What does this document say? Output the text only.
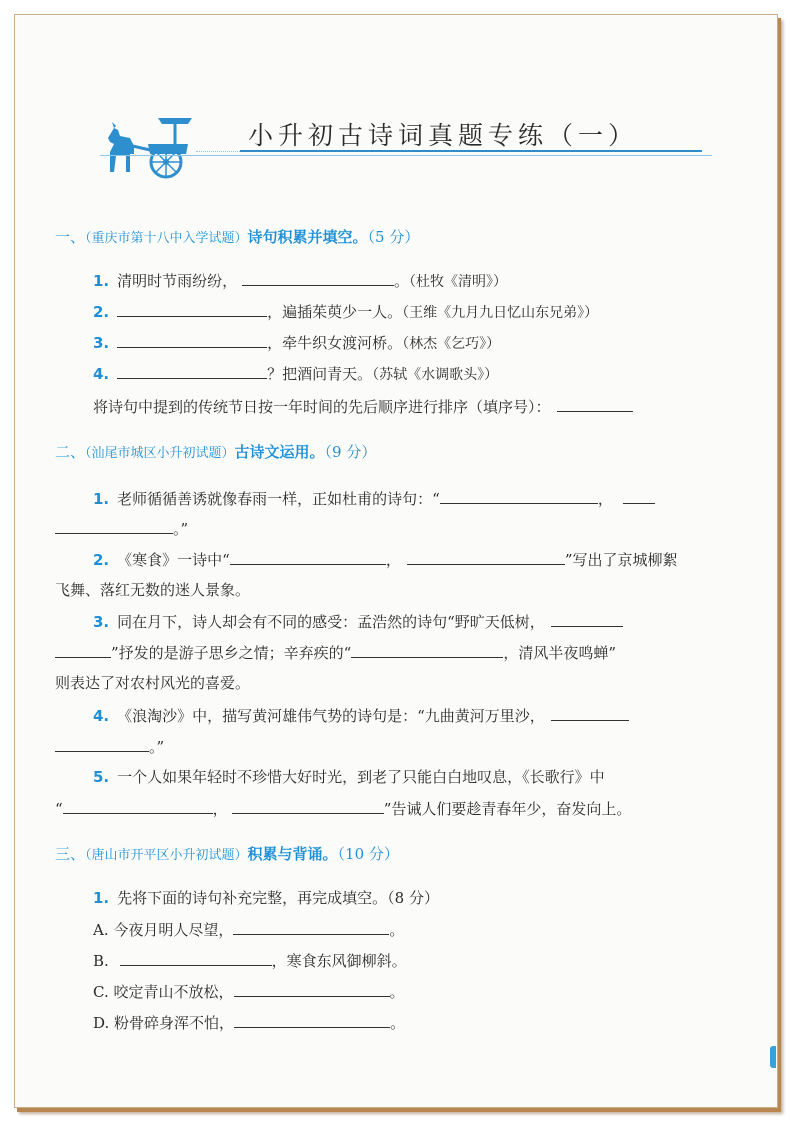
小升初古诗词真题专练（一）
一、（重庆市第十八中入学试题）诗句积累并填空。（5 分）
1. 清明时节雨纷纷，	。（杜牧《清明》）
2.	，遍插茱萸少一人。（王维《九月九日忆山东兄弟》）
3.	，牵牛织女渡河桥。（林杰《乞巧》）
4.	？把酒问青天。（苏轼《水调歌头》）
将诗句中提到的传统节日按一年时间的先后顺序进行排序（填序号）：
二、（汕尾市城区小升初试题）古诗文运用。（9 分）
1. 老师循循善诱就像春雨一样，正如杜甫的诗句：“	，
。”
2. 《寒食》一诗中“	，	”写出了京城柳絮
飞舞、落红无数的迷人景象。
3. 同在月下，诗人却会有不同的感受：孟浩然的诗句“野旷天低树，
”抒发的是游子思乡之情；辛弃疾的“	，清风半夜鸣蝉”
则表达了对农村风光的喜爱。
4. 《浪淘沙》中，描写黄河雄伟气势的诗句是：“九曲黄河万里沙，
。”
5. 一个人如果年轻时不珍惜大好时光，到老了只能白白地叹息，《长歌行》中
“	，	”告诫人们要趁青春年少，奋发向上。
三、（唐山市开平区小升初试题）积累与背诵。（10 分）
1. 先将下面的诗句补充完整，再完成填空。（8 分）
A. 今夜月明人尽望，	。
B.	，寒食东风御柳斜。
C. 咬定青山不放松，	。
D. 粉骨碎身浑不怕，	。
